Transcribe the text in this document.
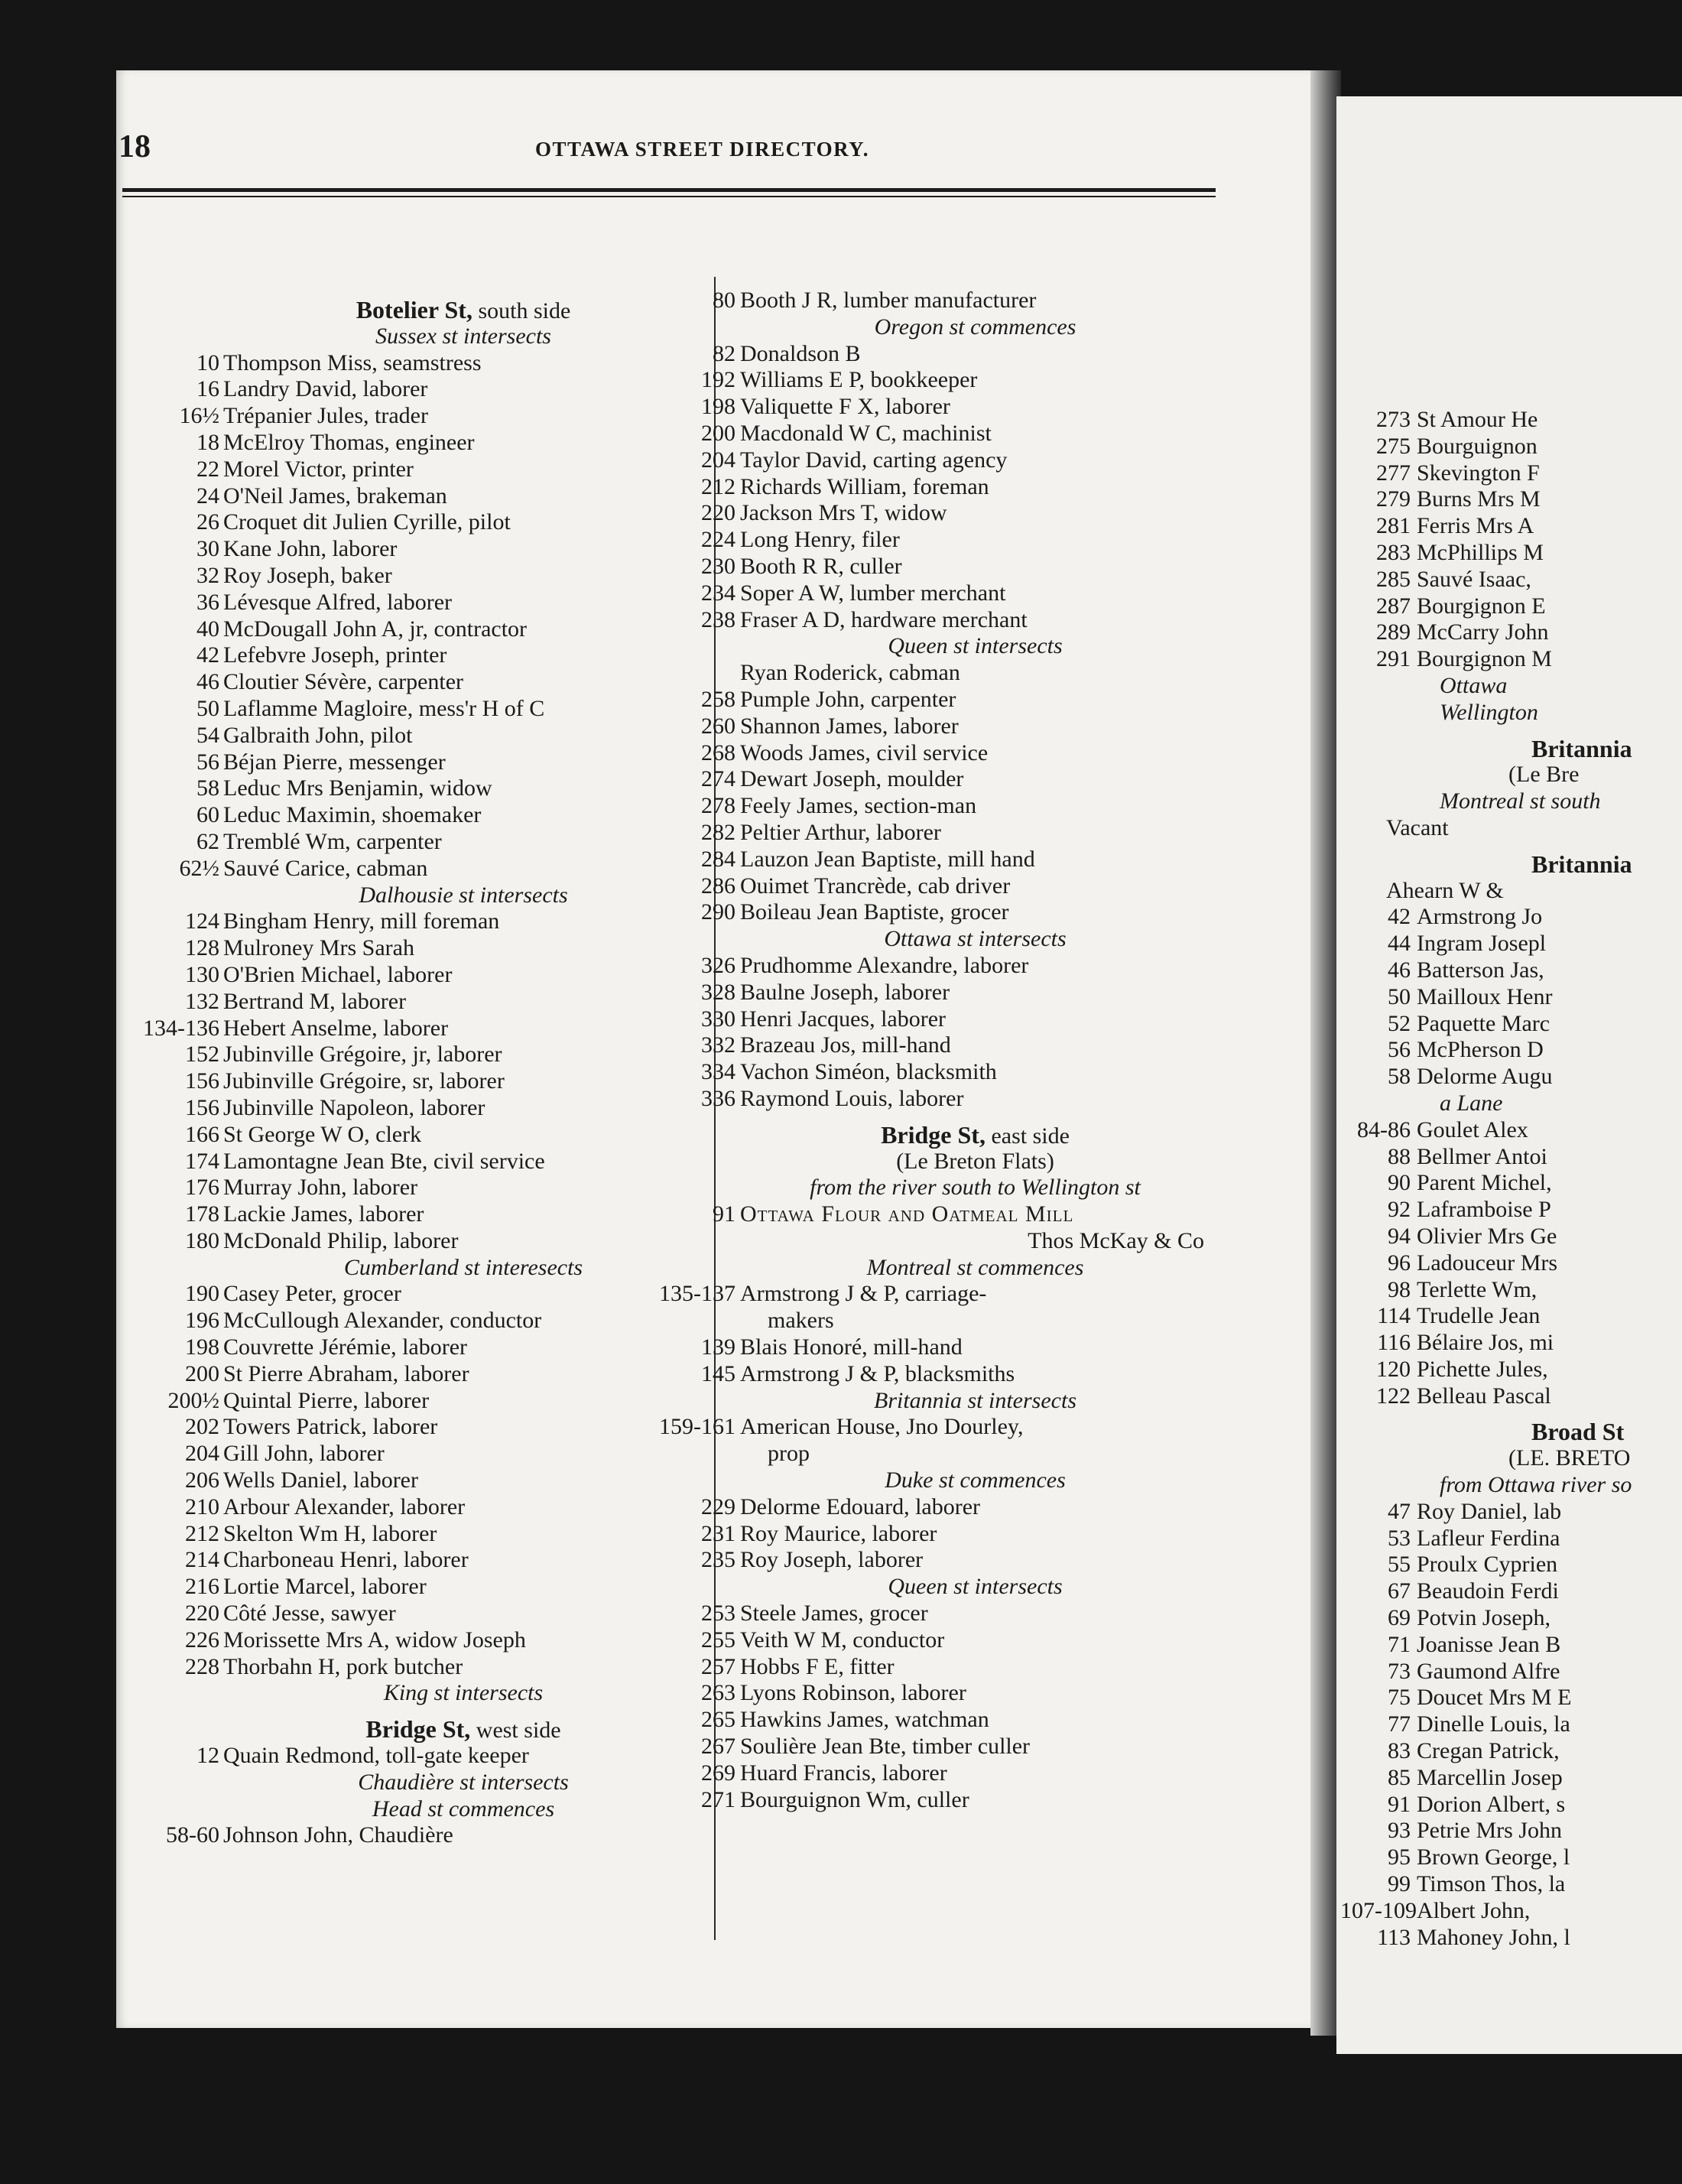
273 St Amour He
275 Bourguignon
277 Skevington F
279 Burns Mrs M
281 Ferris Mrs A
283 McPhillips M
285 Sauvé Isaac,
287 Bourgignon E
289 McCarry John
291 Bourgignon M
Ottawa
Wellington
Britannia
(Le Bre
Montreal st south
Vacant
Britannia
Ahearn W &
42 Armstrong Jo
44 Ingram Josepl
46 Batterson Jas,
50 Mailloux Henr
52 Paquette Marc
56 McPherson D
58 Delorme Augu
a Lane
84-86 Goulet Alex
88 Bellmer Antoi
90 Parent Michel,
92 Laframboise P
94 Olivier Mrs Ge
96 Ladouceur Mrs
98 Terlette Wm,
114 Trudelle Jean
116 Bélaire Jos, mi
120 Pichette Jules,
122 Belleau Pascal
Broad St
(LE. BRETO
from Ottawa river so
47 Roy Daniel, lab
53 Lafleur Ferdina
55 Proulx Cyprien
67 Beaudoin Ferdi
69 Potvin Joseph,
71 Joanisse Jean B
73 Gaumond Alfre
75 Doucet Mrs M E
77 Dinelle Louis, la
83 Cregan Patrick,
85 Marcellin Josep
91 Dorion Albert, s
93 Petrie Mrs John
95 Brown George, l
99 Timson Thos, la
107-109 Albert John,
113 Mahoney John, l
18	OTTAWA STREET DIRECTORY.
Botelier St, south side
Sussex st intersects
10 Thompson Miss, seamstress
16 Landry David, laborer
16½ Trépanier Jules, trader
18 McElroy Thomas, engineer
22 Morel Victor, printer
24 O'Neil James, brakeman
26 Croquet dit Julien Cyrille, pilot
30 Kane John, laborer
32 Roy Joseph, baker
36 Lévesque Alfred, laborer
40 McDougall John A, jr, contractor
42 Lefebvre Joseph, printer
46 Cloutier Sévère, carpenter
50 Laflamme Magloire, mess'r H of C
54 Galbraith John, pilot
56 Béjan Pierre, messenger
58 Leduc Mrs Benjamin, widow
60 Leduc Maximin, shoemaker
62 Tremblé Wm, carpenter
62½ Sauvé Carice, cabman
Dalhousie st intersects
124 Bingham Henry, mill foreman
128 Mulroney Mrs Sarah
130 O'Brien Michael, laborer
132 Bertrand M, laborer
134-136 Hebert Anselme, laborer
152 Jubinville Grégoire, jr, laborer
156 Jubinville Grégoire, sr, laborer
156 Jubinville Napoleon, laborer
166 St George W O, clerk
174 Lamontagne Jean Bte, civil service
176 Murray John, laborer
178 Lackie James, laborer
180 McDonald Philip, laborer
Cumberland st interesects
190 Casey Peter, grocer
196 McCullough Alexander, conductor
198 Couvrette Jérémie, laborer
200 St Pierre Abraham, laborer
200½ Quintal Pierre, laborer
202 Towers Patrick, laborer
204 Gill John, laborer
206 Wells Daniel, laborer
210 Arbour Alexander, laborer
212 Skelton Wm H, laborer
214 Charboneau Henri, laborer
216 Lortie Marcel, laborer
220 Côté Jesse, sawyer
226 Morissette Mrs A, widow Joseph
228 Thorbahn H, pork butcher
King st intersects
Bridge St, west side
12 Quain Redmond, toll-gate keeper
Chaudière st intersects
Head st commences
58-60 Johnson John, Chaudière
80 Booth J R, lumber manufacturer
Oregon st commences
82 Donaldson B
192 Williams E P, bookkeeper
198 Valiquette F X, laborer
200 Macdonald W C, machinist
204 Taylor David, carting agency
212 Richards William, foreman
220 Jackson Mrs T, widow
224 Long Henry, filer
230 Booth R R, culler
234 Soper A W, lumber merchant
238 Fraser A D, hardware merchant
Queen st intersects
Ryan Roderick, cabman
258 Pumple John, carpenter
260 Shannon James, laborer
268 Woods James, civil service
274 Dewart Joseph, moulder
278 Feely James, section-man
282 Peltier Arthur, laborer
284 Lauzon Jean Baptiste, mill hand
286 Ouimet Trancrède, cab driver
290 Boileau Jean Baptiste, grocer
Ottawa st intersects
326 Prudhomme Alexandre, laborer
328 Baulne Joseph, laborer
330 Henri Jacques, laborer
332 Brazeau Jos, mill-hand
334 Vachon Siméon, blacksmith
336 Raymond Louis, laborer
Bridge St, east side
(Le Breton Flats)
from the river south to Wellington st
91 Ottawa Flour and Oatmeal Mill
Thos McKay & Co
Montreal st commences
135-137 Armstrong J & P, carriage-
makers
139 Blais Honoré, mill-hand
145 Armstrong J & P, blacksmiths
Britannia st intersects
159-161 American House, Jno Dourley,
prop
Duke st commences
229 Delorme Edouard, laborer
231 Roy Maurice, laborer
235 Roy Joseph, laborer
Queen st intersects
253 Steele James, grocer
255 Veith W M, conductor
257 Hobbs F E, fitter
263 Lyons Robinson, laborer
265 Hawkins James, watchman
267 Soulière Jean Bte, timber culler
269 Huard Francis, laborer
271 Bourguignon Wm, culler
